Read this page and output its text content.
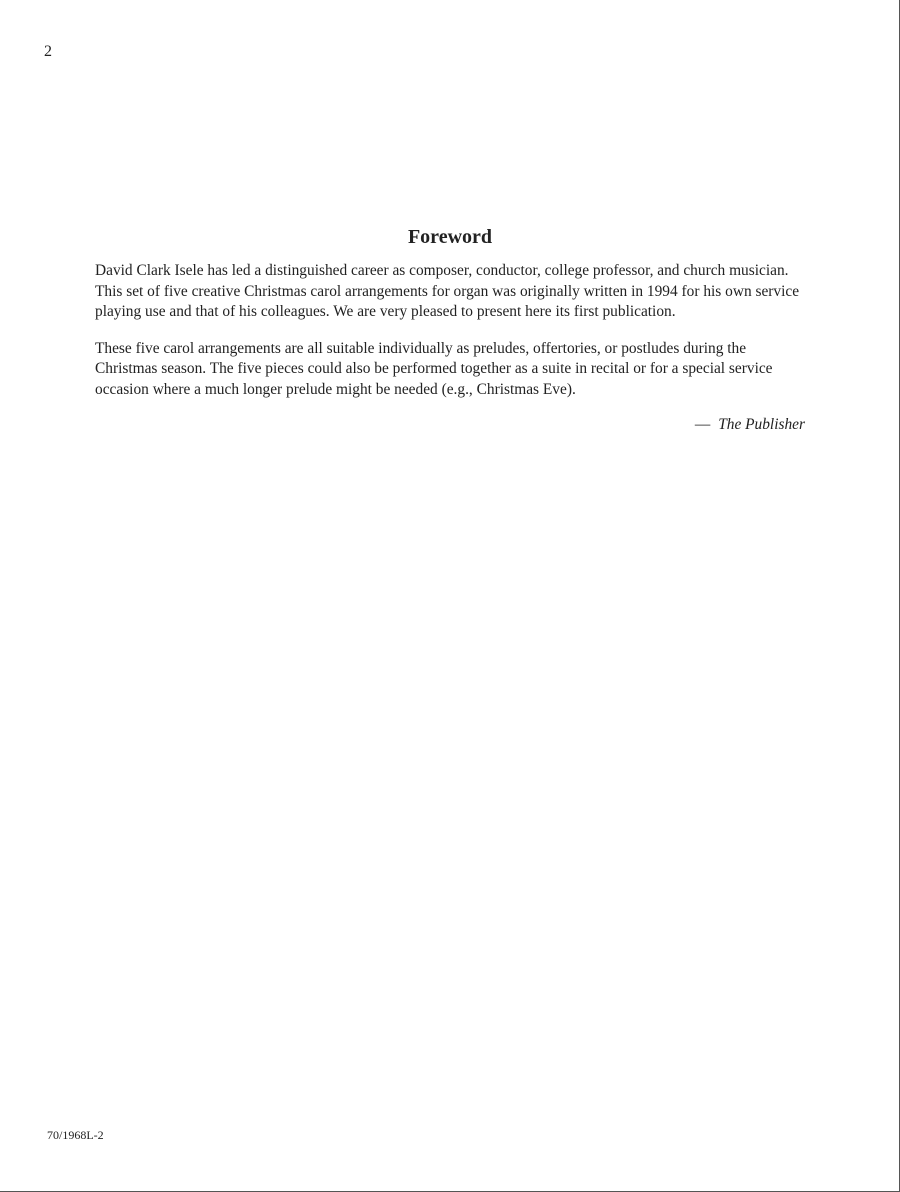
2
Foreword

David Clark Isele has led a distinguished career as composer, conductor, college professor, and church musician. This set of five creative Christmas carol arrangements for organ was originally written in 1994 for his own service playing use and that of his colleagues. We are very pleased to present here its first publication.

These five carol arrangements are all suitable individually as preludes, offertories, or postludes during the Christmas season. The five pieces could also be performed together as a suite in recital or for a special service occasion where a much longer prelude might be needed (e.g., Christmas Eve).

— The Publisher
70/1968L-2
